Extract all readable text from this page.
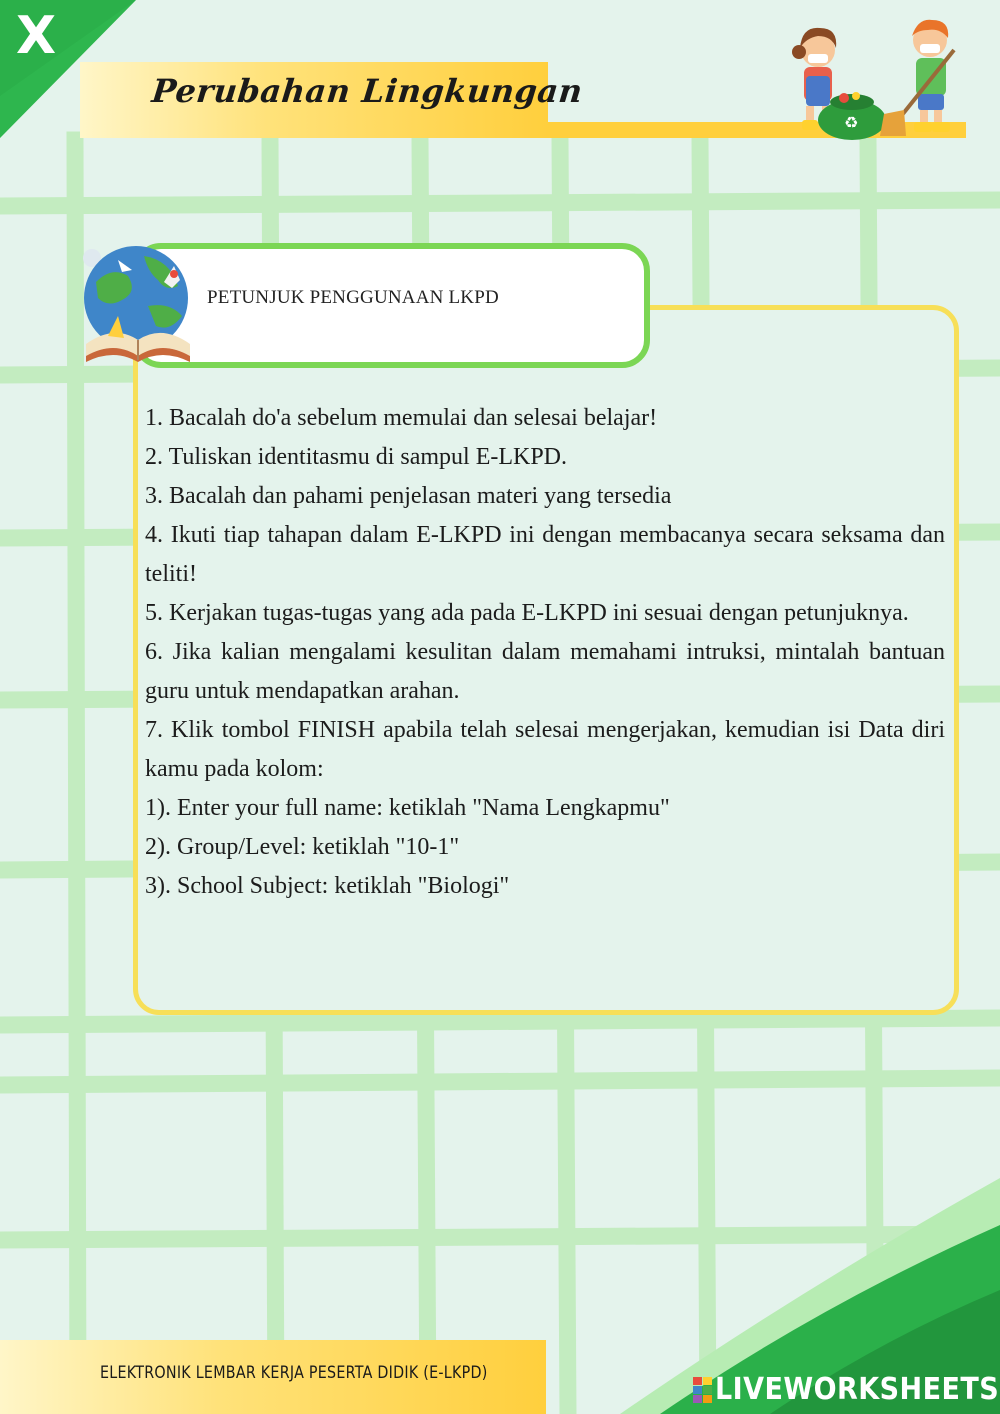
X
Perubahan Lingkungan
♻
PETUNJUK PENGGUNAAN LKPD

1. Bacalah do'a sebelum memulai dan selesai belajar!

2. Tuliskan identitasmu di sampul E-LKPD.

3. Bacalah dan pahami penjelasan materi yang tersedia

4. Ikuti tiap tahapan dalam E-LKPD ini dengan membacanya secara seksama dan teliti!

5. Kerjakan tugas-tugas yang ada pada E-LKPD ini sesuai dengan petunjuknya.

6. Jika kalian mengalami kesulitan dalam memahami intruksi, mintalah bantuan guru untuk mendapatkan arahan.

7. Klik tombol FINISH apabila telah selesai mengerjakan, kemudian isi Data diri kamu pada kolom:

1). Enter your full name: ketiklah "Nama Lengkapmu"

2). Group/Level: ketiklah "10-1"

3). School Subject: ketiklah "Biologi"

ELEKTRONIK LEMBAR KERJA PESERTA DIDIK (E-LKPD)	LIVEWORKSHEETS
